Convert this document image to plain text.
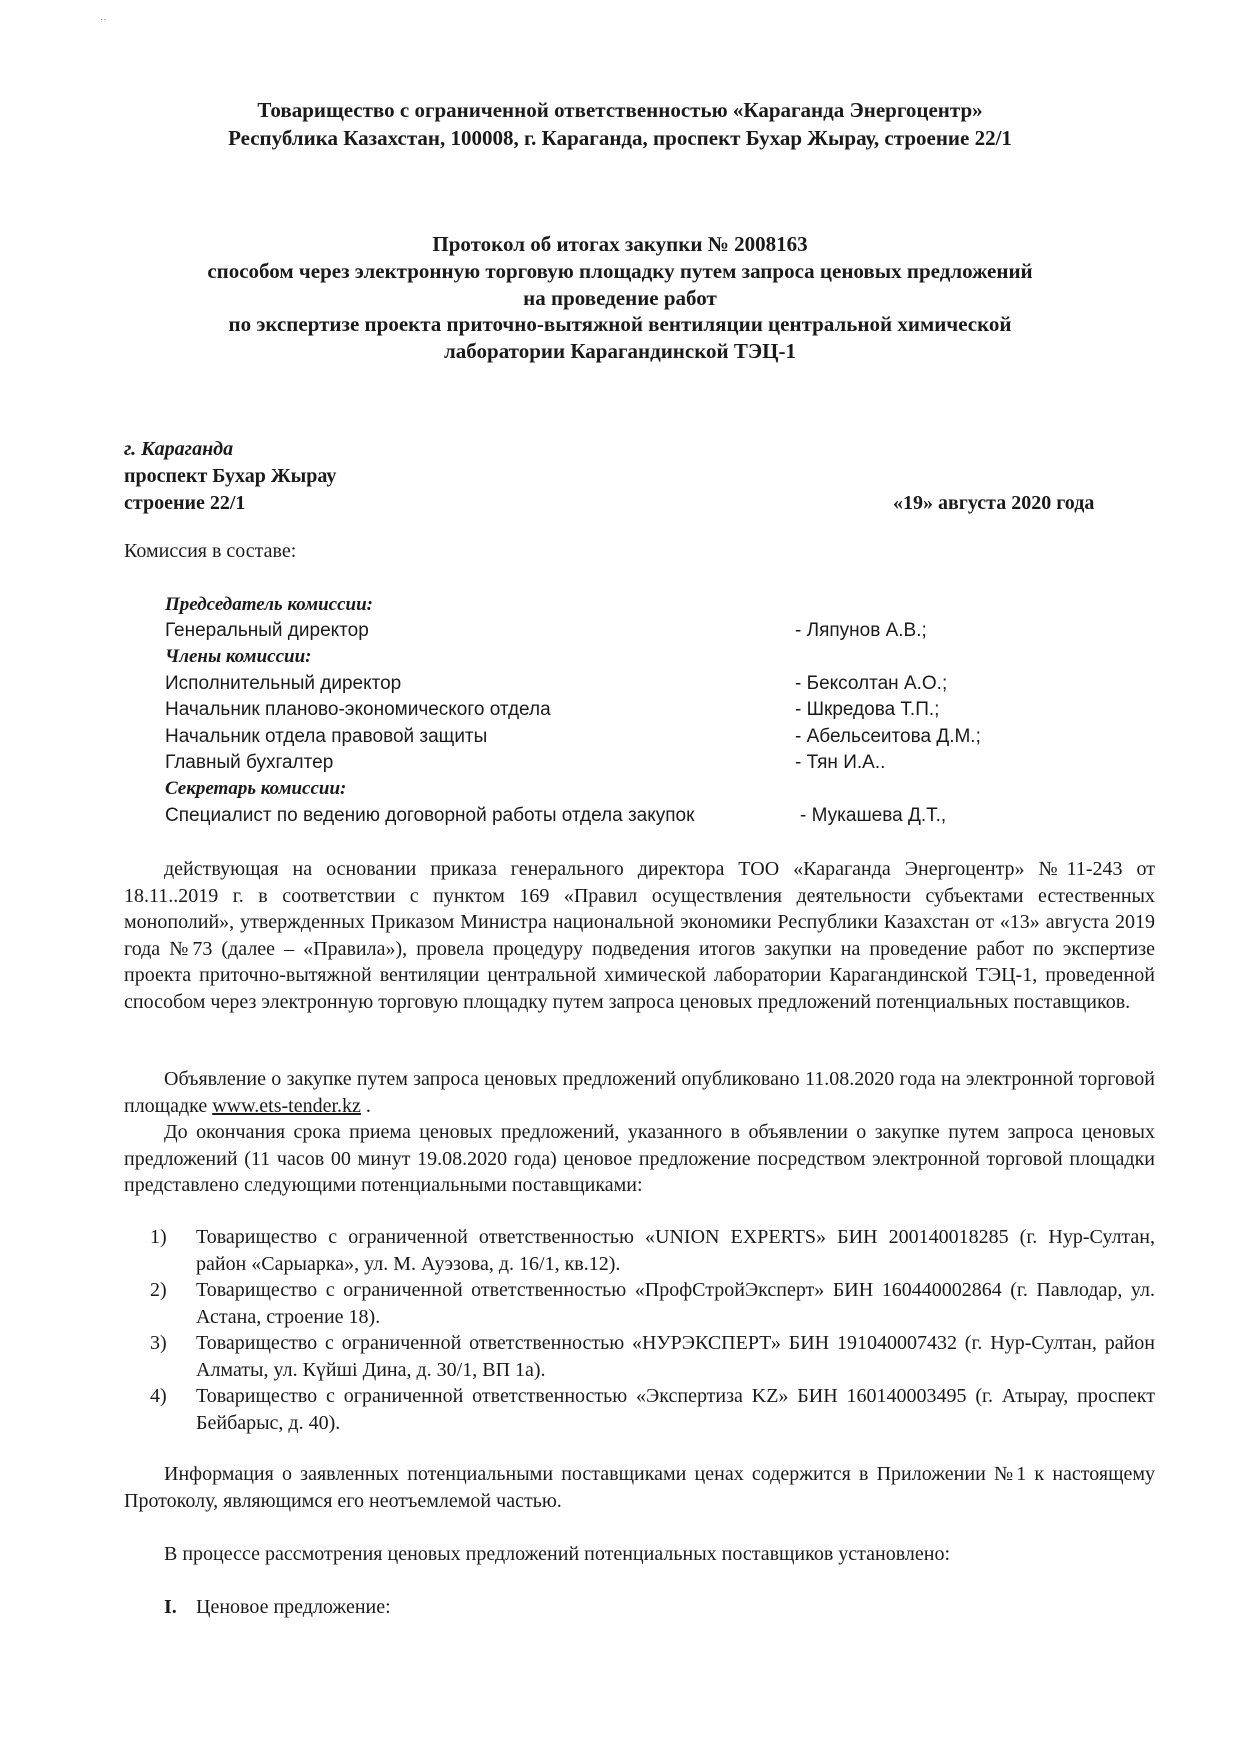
˙˙
Товарищество с ограниченной ответственностью «Караганда Энергоцентр»
Республика Казахстан, 100008, г. Караганда, проспект Бухар Жырау, строение 22/1
Протокол об итогах закупки № 2008163
способом через электронную торговую площадку путем запроса ценовых предложений
на проведение работ
по экспертизе проекта приточно-вытяжной вентиляции центральной химической
лаборатории Карагандинской ТЭЦ-1
г. Караганда
проспект Бухар Жырау
строение 22/1	«19» августа 2020 года
Комиссия в составе:
Председатель комиссии:
Генеральный директор	- Ляпунов А.В.;
Члены комиссии:
Исполнительный директор	- Бексолтан А.О.;
Начальник планово-экономического отдела	- Шкредова Т.П.;
Начальник отдела правовой защиты	- Абельсеитова Д.М.;
Главный бухгалтер	- Тян И.А..
Секретарь комиссии:
Специалист по ведению договорной работы отдела закупок	- Мукашева Д.Т.,
действующая на основании приказа генерального директора ТОО «Караганда Энергоцентр» №11-243 от 18.11..2019 г. в соответствии с пунктом 169 «Правил осуществления деятельности субъектами естественных монополий», утвержденных Приказом Министра национальной экономики Республики Казахстан от «13» августа 2019 года №73 (далее – «Правила»), провела процедуру подведения итогов закупки на проведение работ по экспертизе проекта приточно-вытяжной вентиляции центральной химической лаборатории Карагандинской ТЭЦ-1, проведенной способом через электронную торговую площадку путем запроса ценовых предложений потенциальных поставщиков.
Объявление о закупке путем запроса ценовых предложений опубликовано 11.08.2020 года на электронной торговой площадке www.ets-tender.kz .
До окончания срока приема ценовых предложений, указанного в объявлении о закупке путем запроса ценовых предложений (11 часов 00 минут 19.08.2020 года) ценовое предложение посредством электронной торговой площадки представлено следующими потенциальными поставщиками:
1) Товарищество с ограниченной ответственностью «UNION EXPERTS» БИН 200140018285 (г. Нур-Султан, район «Сарыарка», ул. М. Ауэзова, д. 16/1, кв.12).
2) Товарищество с ограниченной ответственностью «ПрофСтройЭксперт» БИН 160440002864 (г. Павлодар, ул. Астана, строение 18).
3) Товарищество с ограниченной ответственностью «НУРЭКСПЕРТ» БИН 191040007432 (г. Нур-Султан, район Алматы, ул. Күйші Дина, д. 30/1, ВП 1а).
4) Товарищество с ограниченной ответственностью «Экспертиза KZ» БИН 160140003495 (г. Атырау, проспект Бейбарыс, д. 40).
Информация о заявленных потенциальными поставщиками ценах содержится в Приложении №1 к настоящему Протоколу, являющимся его неотъемлемой частью.
В процессе рассмотрения ценовых предложений потенциальных поставщиков установлено:
I. Ценовое предложение:
